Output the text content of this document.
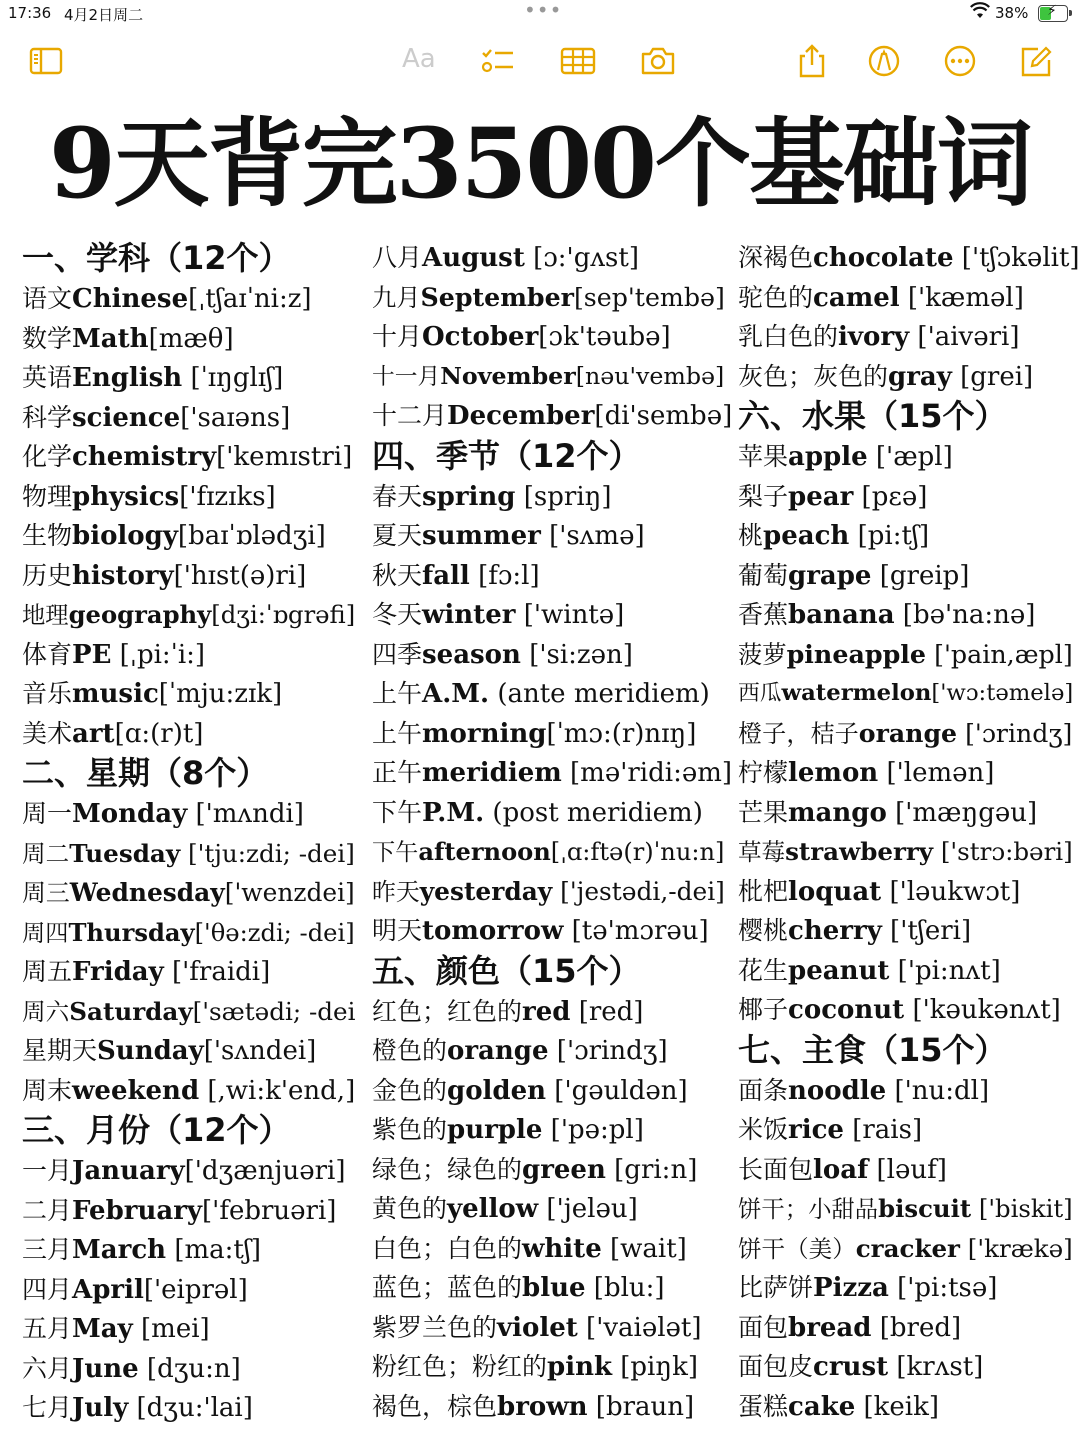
17:36 4月2日周二	•••	38% ⚡
Aa
9天背完3500个基础词
一、学科（12个）
语文Chinese[ˌtʃaɪˈni:z]
数学Math[mæθ]
英语English [ˈɪŋglɪʃ]
科学science['saɪəns]
化学chemistry['kemɪstri]
物理physics['fɪzɪks]
生物biology[baɪˈɒlədʒi]
历史history['hɪst(ə)ri]
地理geography[dʒi:ˈɒgrəfi]
体育PE [ˌpi:ˈi:]
音乐music[ˈmju:zɪk]
美术art[ɑ:(r)t]
二、星期（8个）
周一Monday ['mʌndi]
周二Tuesday ['tju:zdi; -dei]
周三Wednesday['wenzdei]
周四Thursday['θə:zdi; -dei]
周五Friday ['fraidi]
周六Saturday['sætədi; -dei
星期天Sunday['sʌndei]
周末weekend [,wi:k'end,]
三、月份（12个）
一月January['dʒænjuəri]
二月February['februəri]
三月March [ma:tʃ]
四月April['eiprəl]
五月May [mei]
六月June [dʒu:n]
七月July [dʒu:'lai]
八月August [ɔ:'gʌst]
九月September[sep'tembə]
十月October[ɔk'təubə]
十一月November[nəu'vembə]
十二月December[di'sembə]
四、季节（12个）
春天spring [spriŋ]
夏天summer ['sʌmə]
秋天fall [fɔ:l]
冬天winter ['wintə]
四季season ['si:zən]
上午A.M. (ante meridiem)
上午morning[ˈmɔ:(r)nɪŋ]
正午meridiem [mə'ridi:əm]
下午P.M. (post meridiem)
下午afternoon[ˌɑ:ftə(r)ˈnu:n]
昨天yesterday ['jestədi,-dei]
明天tomorrow [tə'mɔrəu]
五、颜色（15个）
红色；红色的red [red]
橙色的orange ['ɔrindʒ]
金色的golden ['gəuldən]
紫色的purple ['pə:pl]
绿色；绿色的green [gri:n]
黄色的yellow ['jeləu]
白色；白色的white [wait]
蓝色；蓝色的blue [blu:]
紫罗兰色的violet ['vaiələt]
粉红色；粉红的pink [piŋk]
褐色，棕色brown [braun]
深褐色chocolate ['tʃɔkəlit]
驼色的camel ['kæməl]
乳白色的ivory ['aivəri]
灰色；灰色的gray [grei]
六、水果（15个）
苹果apple ['æpl]
梨子pear [pεə]
桃peach [pi:tʃ]
葡萄grape [greip]
香蕉banana [bə'na:nə]
菠萝pineapple ['pain,æpl]
西瓜watermelon['wɔ:təmelə]
橙子，桔子orange ['ɔrindʒ]
柠檬lemon ['lemən]
芒果mango ['mæŋgəu]
草莓strawberry ['strɔ:bəri]
枇杷loquat ['ləukwɔt]
樱桃cherry ['tʃeri]
花生peanut ['pi:nʌt]
椰子coconut ['kəukənʌt]
七、主食（15个）
面条noodle ['nu:dl]
米饭rice [rais]
长面包loaf [ləuf]
饼干；小甜品biscuit ['biskit]
饼干（美）cracker ['krækə]
比萨饼Pizza ['pi:tsə]
面包bread [bred]
面包皮crust [krʌst]
蛋糕cake [keik]
